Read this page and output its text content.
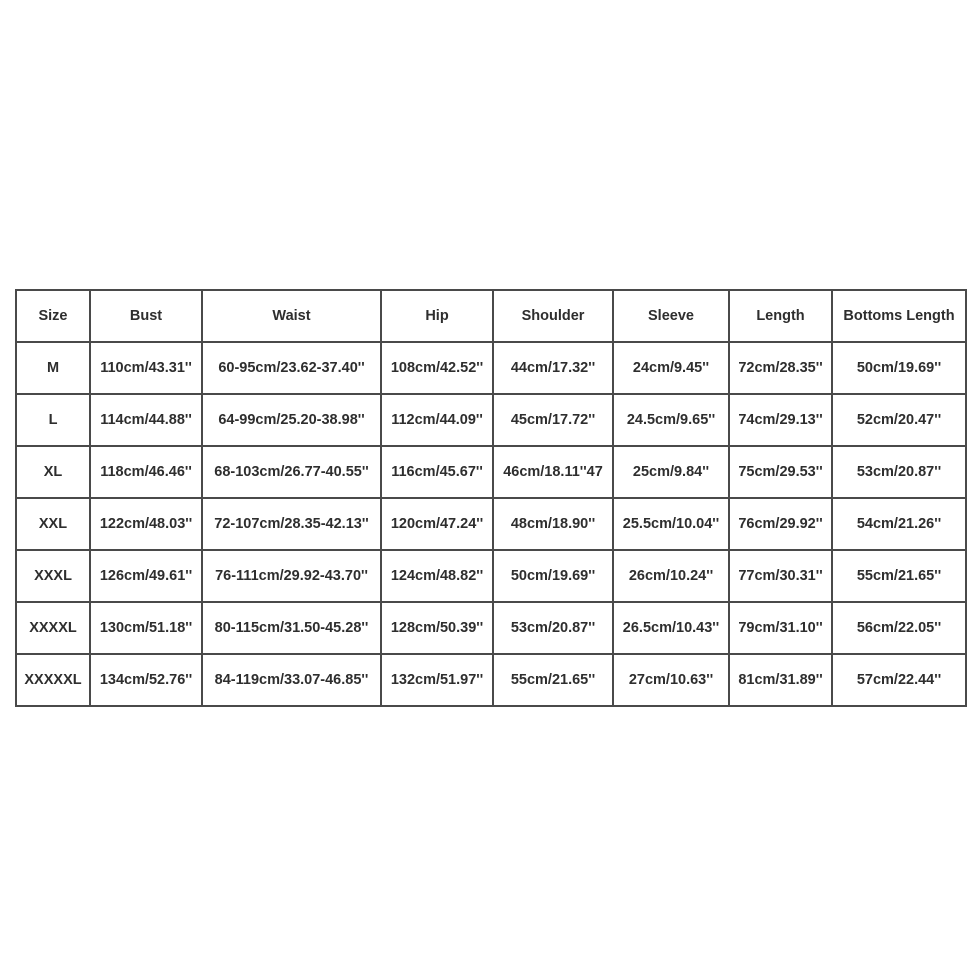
Size	Bust	Waist	Hip	Shoulder	Sleeve	Length	Bottoms Length
M	110cm/43.31''	60-95cm/23.62-37.40''	108cm/42.52''	44cm/17.32''	24cm/9.45''	72cm/28.35''	50cm/19.69''
L	114cm/44.88''	64-99cm/25.20-38.98''	112cm/44.09''	45cm/17.72''	24.5cm/9.65''	74cm/29.13''	52cm/20.47''
XL	118cm/46.46''	68-103cm/26.77-40.55''	116cm/45.67''	46cm/18.11''47	25cm/9.84''	75cm/29.53''	53cm/20.87''
XXL	122cm/48.03''	72-107cm/28.35-42.13''	120cm/47.24''	48cm/18.90''	25.5cm/10.04''	76cm/29.92''	54cm/21.26''
XXXL	126cm/49.61''	76-111cm/29.92-43.70''	124cm/48.82''	50cm/19.69''	26cm/10.24''	77cm/30.31''	55cm/21.65''
XXXXL	130cm/51.18''	80-115cm/31.50-45.28''	128cm/50.39''	53cm/20.87''	26.5cm/10.43''	79cm/31.10''	56cm/22.05''
XXXXXL	134cm/52.76''	84-119cm/33.07-46.85''	132cm/51.97''	55cm/21.65''	27cm/10.63''	81cm/31.89''	57cm/22.44''
